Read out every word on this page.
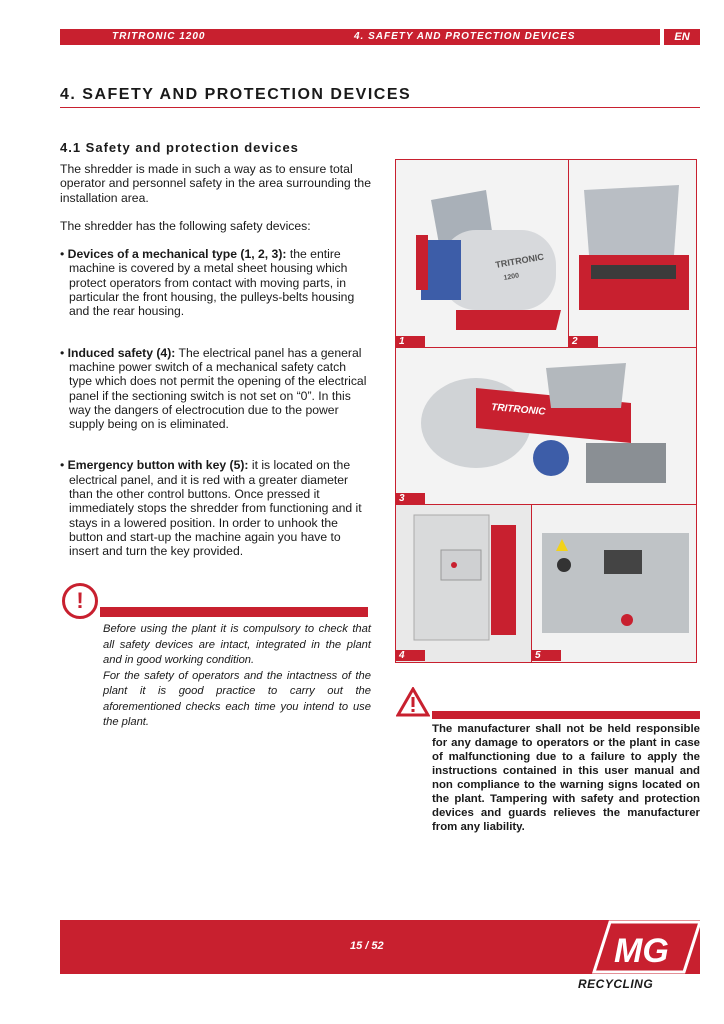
TRITRONIC 1200	4. SAFETY AND PROTECTION DEVICES	EN
4. SAFETY AND PROTECTION DEVICES
4.1 Safety and protection devices

The shredder is made in such a way as to ensure total operator and personnel safety in the area surrounding the installation area.

The shredder has the following safety devices:

• Devices of a mechanical type (1, 2, 3): the entire machine is covered by a metal sheet housing which protect operators from contact with moving parts, in particular the front housing, the pulleys-belts housing and the rear housing.

• Induced safety (4): The electrical panel has a general machine power switch of a mechanical safety catch type which does not permit the opening of the electrical panel if the sectioning switch is not set on “0”. In this way the dangers of electrocution due to the power supply being on is eliminated.

• Emergency button with key (5): it is located on the electrical panel, and it is red with a greater diameter than the other control buttons. Once pressed it immediately stops the shredder from functioning and it stays in a lowered position. In order to unhook the button and start-up the machine again you have to insert and turn the key provided.

!

Before using the plant it is compulsory to check that all safety devices are intact, integrated in the plant and in good working condition.

For the safety of operators and the intactness of the plant it is good practice to carry out the aforementioned checks each time you intend to use the plant.

TRITRONIC
1200
1	2
TRITRONIC
3
4	5
The manufacturer shall not be held responsible for any damage to operators or the plant in case of malfunctioning due to a failure to apply the instructions contained in this user manual and non compliance to the warning signs located on the plant. Tampering with safety and protection devices and guards relieves the manufacturer from any liability.
15 / 52	MG
RECYCLING
